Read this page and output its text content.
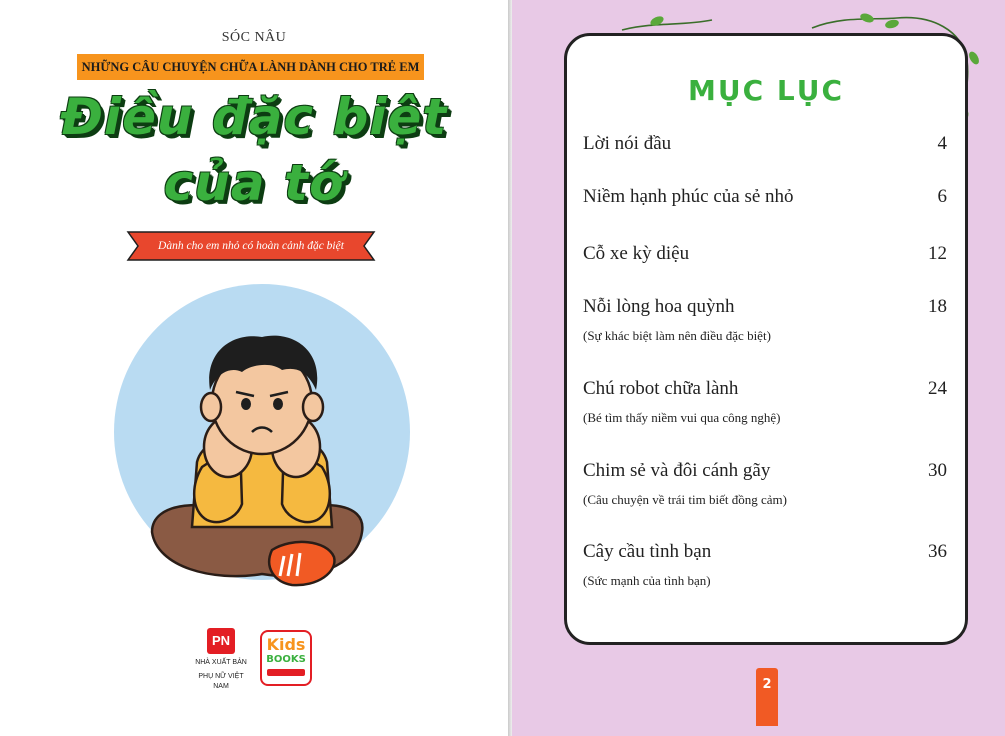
SÓC NÂU
NHỮNG CÂU CHUYỆN CHỮA LÀNH DÀNH CHO TRẺ EM
Điều đặc biệt
của tớ
Dành cho em nhỏ có hoàn cảnh đặc biệt
PN
NHÀ XUẤT BẢN
PHỤ NỮ VIỆT NAM
Kids
BOOKS
MỤC LỤC
Lời nói đầu	4
Niềm hạnh phúc của sẻ nhỏ	6
Cỗ xe kỳ diệu	12
Nỗi lòng hoa quỳnh	18
(Sự khác biệt làm nên điều đặc biệt)
Chú robot chữa lành	24
(Bé tìm thấy niềm vui qua công nghệ)
Chim sẻ và đôi cánh gãy	30
(Câu chuyện về trái tim biết đồng cảm)
Cây cầu tình bạn	36
(Sức mạnh của tình bạn)
2
